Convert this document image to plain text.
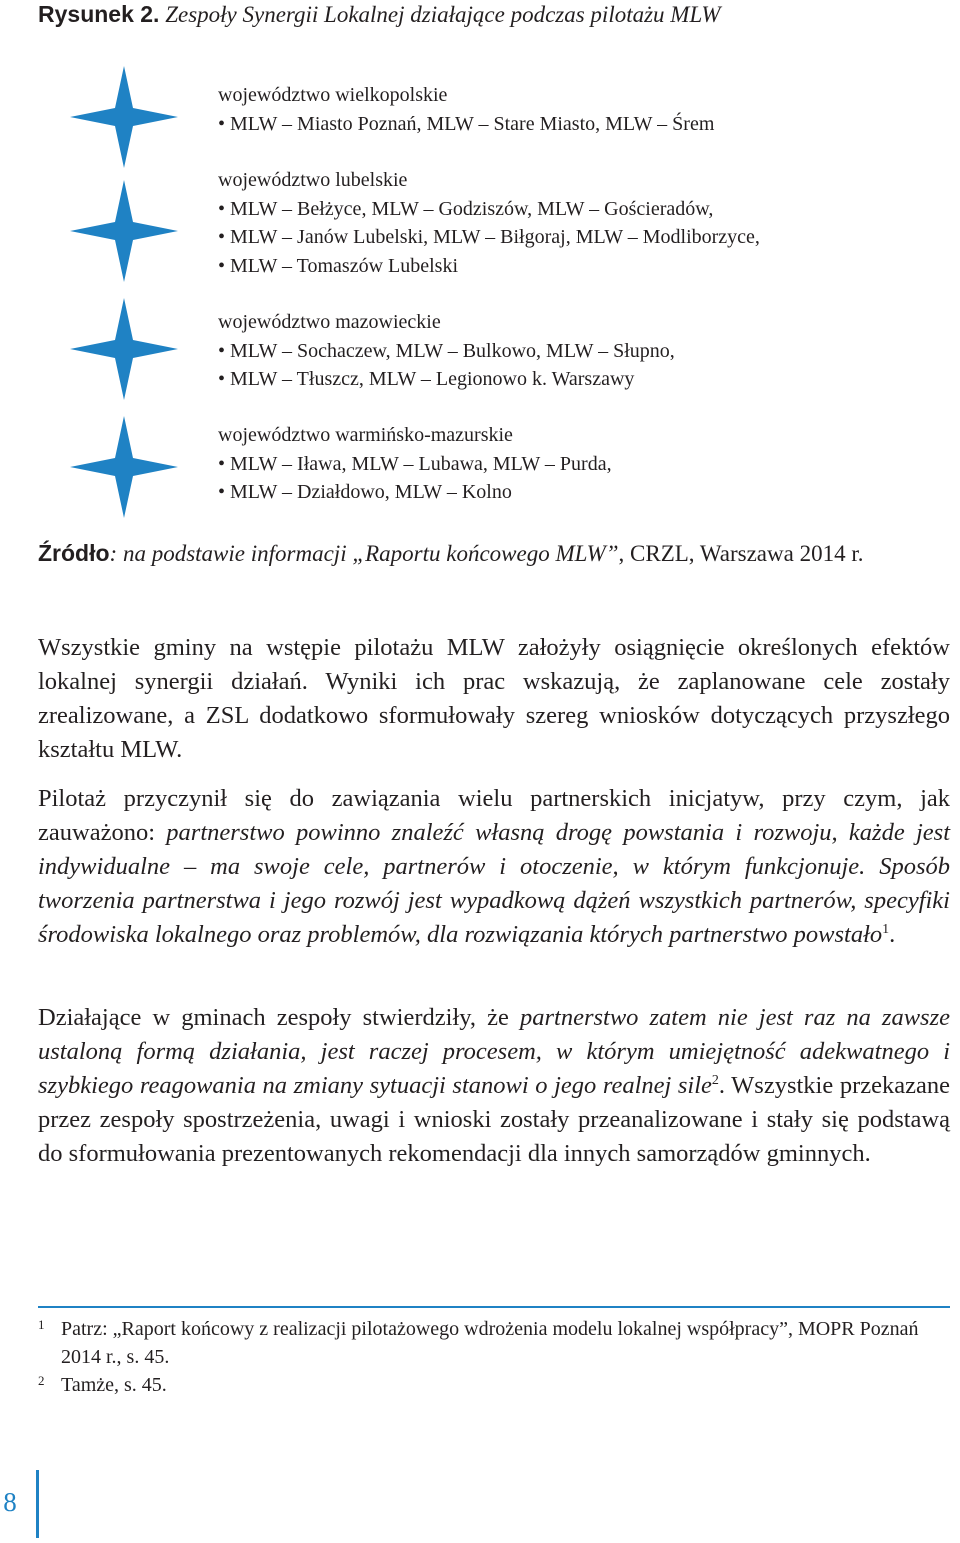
Rysunek 2. Zespoły Synergii Lokalnej działające podczas pilotażu MLW
województwo wielkopolskie
• MLW – Miasto Poznań, MLW – Stare Miasto, MLW – Śrem
województwo lubelskie
• MLW – Bełżyce, MLW – Godziszów, MLW – Gościeradów,
• MLW – Janów Lubelski, MLW – Biłgoraj, MLW – Modliborzyce,
• MLW – Tomaszów Lubelski
województwo mazowieckie
• MLW – Sochaczew, MLW – Bulkowo, MLW – Słupno,
• MLW – Tłuszcz, MLW – Legionowo k. Warszawy
województwo warmińsko-mazurskie
• MLW – Iława, MLW – Lubawa, MLW – Purda,
• MLW – Działdowo, MLW – Kolno
Źródło: na podstawie informacji „Raportu końcowego MLW”, CRZL, Warszawa 2014 r.
Wszystkie gminy na wstępie pilotażu MLW założyły osiągnięcie określonych efektów lokalnej synergii działań. Wyniki ich prac wskazują, że zaplanowane cele zostały zrealizowane, a ZSL dodatkowo sformułowały szereg wniosków dotyczących przyszłego kształtu MLW.
Pilotaż przyczynił się do zawiązania wielu partnerskich inicjatyw, przy czym, jak zauważono: partnerstwo powinno znaleźć własną drogę powstania i rozwoju, każde jest indywidualne – ma swoje cele, partnerów i otoczenie, w którym funkcjonuje. Sposób tworzenia partnerstwa i jego rozwój jest wypadkową dążeń wszystkich partnerów, specyfiki środowiska lokalnego oraz problemów, dla rozwiązania których partnerstwo powstało$^1$.
Działające w gminach zespoły stwierdziły, że partnerstwo zatem nie jest raz na zawsze ustaloną formą działania, jest raczej procesem, w którym umiejętność adekwatnego i szybkiego reagowania na zmiany sytuacji stanowi o jego realnej sile$^2$. Wszystkie przekazane przez zespoły spostrzeżenia, uwagi i wnioski zostały przeanalizowane i stały się podstawą do sformułowania prezentowanych rekomendacji dla innych samorządów gminnych.
1 Patrz: „Raport końcowy z realizacji pilotażowego wdrożenia modelu lokalnej współpracy”, MOPR Poznań 2014 r., s. 45.
2 Tamże, s. 45.
8
